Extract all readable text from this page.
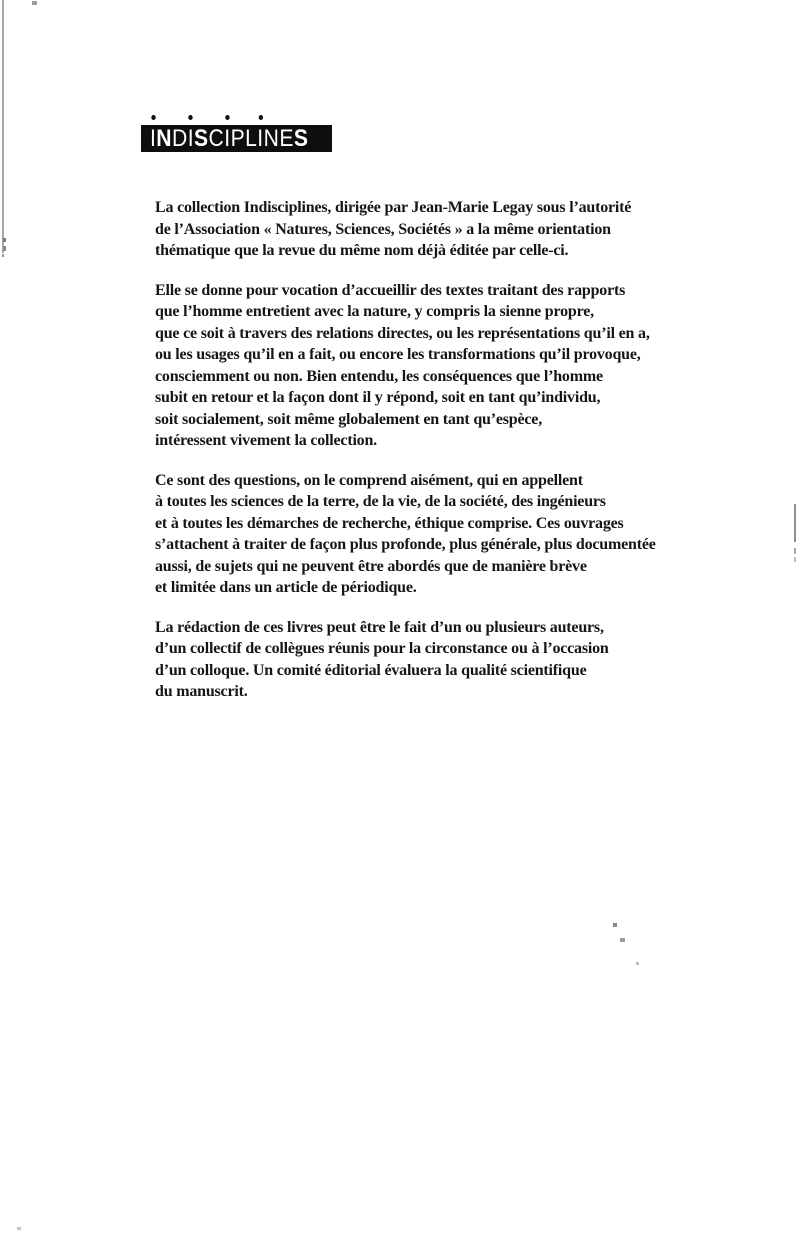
INDISCIPLINES
La collection Indisciplines, dirigée par Jean-Marie Legay sous l’autorité
de l’Association « Natures, Sciences, Sociétés » a la même orientation
thématique que la revue du même nom déjà éditée par celle-ci.
Elle se donne pour vocation d’accueillir des textes traitant des rapports
que l’homme entretient avec la nature, y compris la sienne propre,
que ce soit à travers des relations directes, ou les représentations qu’il en a,
ou les usages qu’il en a fait, ou encore les transformations qu’il provoque,
consciemment ou non. Bien entendu, les conséquences que l’homme
subit en retour et la façon dont il y répond, soit en tant qu’individu,
soit socialement, soit même globalement en tant qu’espèce,
intéressent vivement la collection.
Ce sont des questions, on le comprend aisément, qui en appellent
à toutes les sciences de la terre, de la vie, de la société, des ingénieurs
et à toutes les démarches de recherche, éthique comprise. Ces ouvrages
s’attachent à traiter de façon plus profonde, plus générale, plus documentée
aussi, de sujets qui ne peuvent être abordés que de manière brève
et limitée dans un article de périodique.
La rédaction de ces livres peut être le fait d’un ou plusieurs auteurs,
d’un collectif de collègues réunis pour la circonstance ou à l’occasion
d’un colloque. Un comité éditorial évaluera la qualité scientifique
du manuscrit.
